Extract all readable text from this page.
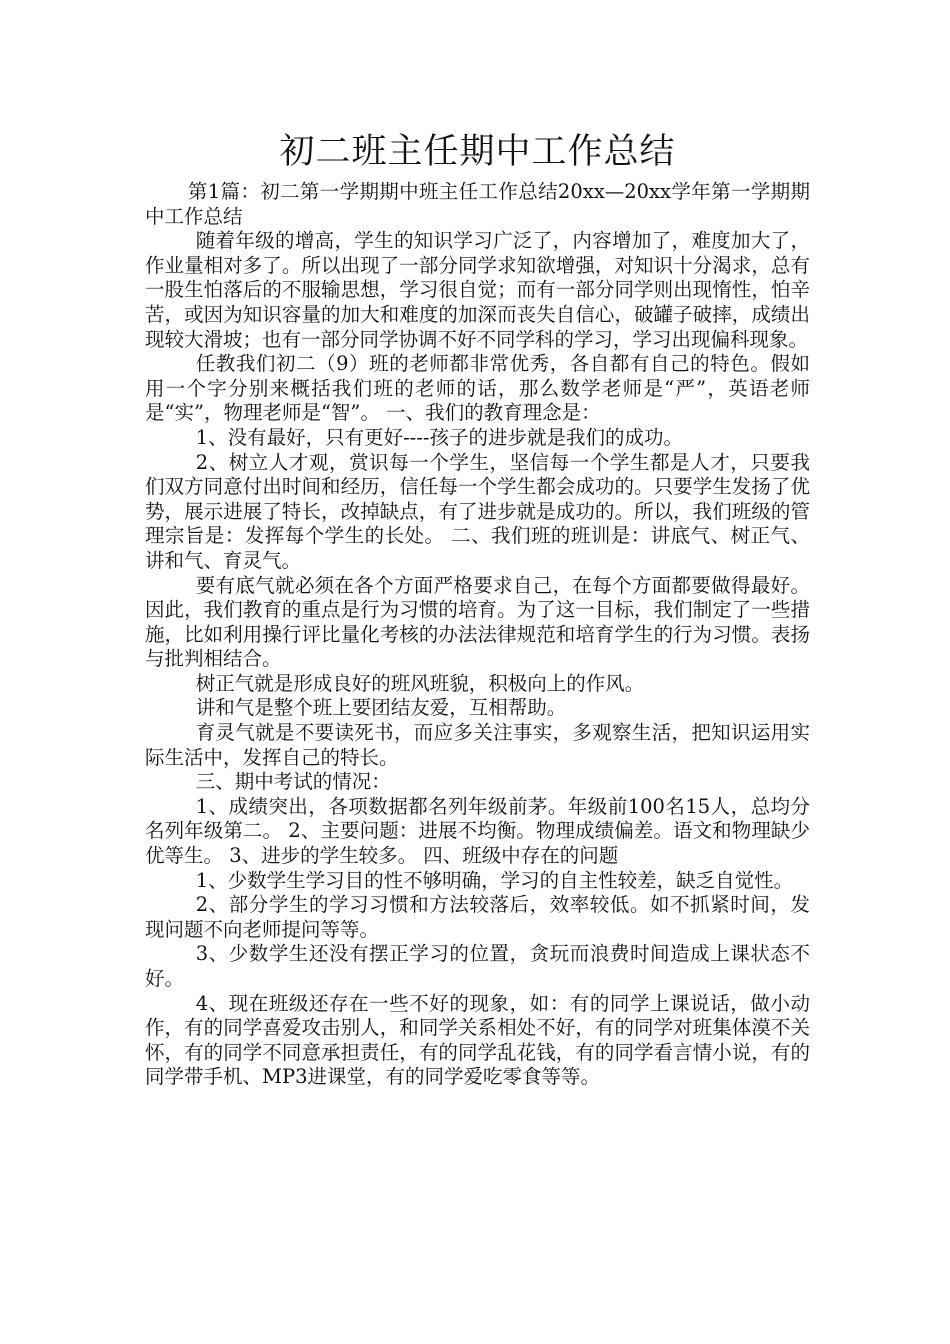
初二班主任期中工作总结

第1篇：初二第一学期期中班主任工作总结20xx—20xx学年第一学期期中工作总结

随着年级的增高，学生的知识学习广泛了，内容增加了，难度加大了，作业量相对多了。所以出现了一部分同学求知欲增强，对知识十分渴求，总有一股生怕落后的不服输思想，学习很自觉；而有一部分同学则出现惰性，怕辛苦，或因为知识容量的加大和难度的加深而丧失自信心，破罐子破摔，成绩出现较大滑坡；也有一部分同学协调不好不同学科的学习，学习出现偏科现象。

任教我们初二（9）班的老师都非常优秀，各自都有自己的特色。假如用一个字分别来概括我们班的老师的话，那么数学老师是“严”，英语老师是“实”，物理老师是“智”。 一、我们的教育理念是：

1、没有最好，只有更好----孩子的进步就是我们的成功。

2、树立人才观，赏识每一个学生，坚信每一个学生都是人才，只要我们双方同意付出时间和经历，信任每一个学生都会成功的。只要学生发扬了优势，展示进展了特长，改掉缺点，有了进步就是成功的。所以，我们班级的管理宗旨是：发挥每个学生的长处。 二、我们班的班训是：讲底气、树正气、讲和气、育灵气。

要有底气就必须在各个方面严格要求自己，在每个方面都要做得最好。因此，我们教育的重点是行为习惯的培育。为了这一目标，我们制定了一些措施，比如利用操行评比量化考核的办法法律规范和培育学生的行为习惯。表扬与批判相结合。

树正气就是形成良好的班风班貌，积极向上的作风。

讲和气是整个班上要团结友爱，互相帮助。

育灵气就是不要读死书，而应多关注事实，多观察生活，把知识运用实际生活中，发挥自己的特长。

三、期中考试的情况：

1、成绩突出，各项数据都名列年级前茅。年级前100名15人，总均分名列年级第二。 2、主要问题：进展不均衡。物理成绩偏差。语文和物理缺少优等生。 3、进步的学生较多。 四、班级中存在的问题

1、少数学生学习目的性不够明确，学习的自主性较差，缺乏自觉性。

2、部分学生的学习习惯和方法较落后，效率较低。如不抓紧时间，发现问题不向老师提问等等。

3、少数学生还没有摆正学习的位置，贪玩而浪费时间造成上课状态不好。

4、现在班级还存在一些不好的现象，如：有的同学上课说话，做小动作，有的同学喜爱攻击别人，和同学关系相处不好，有的同学对班集体漠不关怀，有的同学不同意承担责任，有的同学乱花钱，有的同学看言情小说，有的同学带手机、MP3进课堂，有的同学爱吃零食等等。
